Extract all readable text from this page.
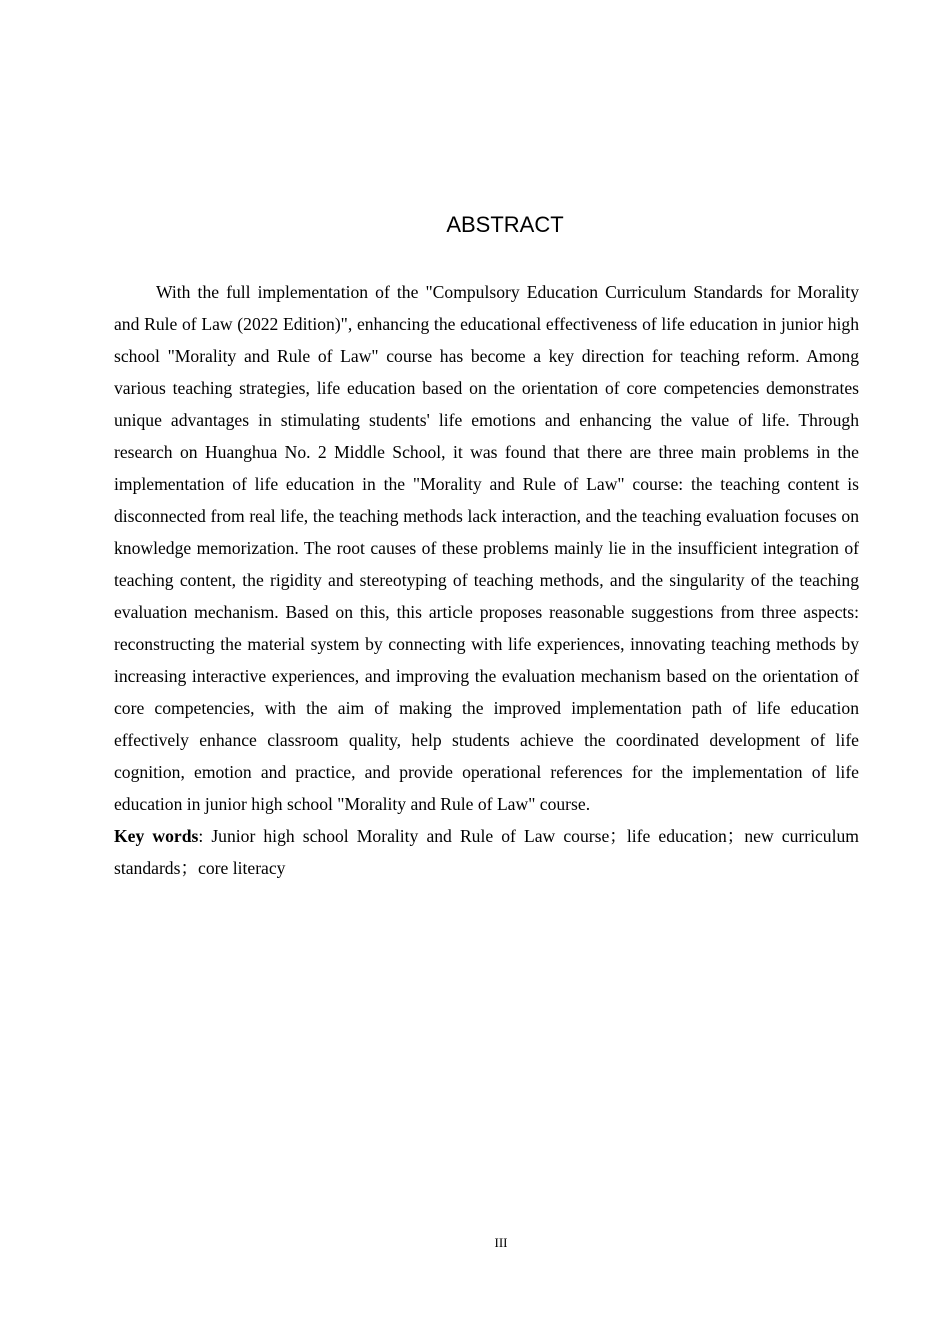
ABSTRACT

With the full implementation of the "Compulsory Education Curriculum Standards for Morality and Rule of Law (2022 Edition)", enhancing the educational effectiveness of life education in junior high school "Morality and Rule of Law" course has become a key direction for teaching reform. Among various teaching strategies, life education based on the orientation of core competencies demonstrates unique advantages in stimulating students' life emotions and enhancing the value of life. Through research on Huanghua No. 2 Middle School, it was found that there are three main problems in the implementation of life education in the "Morality and Rule of Law" course: the teaching content is disconnected from real life, the teaching methods lack interaction, and the teaching evaluation focuses on knowledge memorization. The root causes of these problems mainly lie in the insufficient integration of teaching content, the rigidity and stereotyping of teaching methods, and the singularity of the teaching evaluation mechanism. Based on this, this article proposes reasonable suggestions from three aspects: reconstructing the material system by connecting with life experiences, innovating teaching methods by increasing interactive experiences, and improving the evaluation mechanism based on the orientation of core competencies, with the aim of making the improved implementation path of life education effectively enhance classroom quality, help students achieve the coordinated development of life cognition, emotion and practice, and provide operational references for the implementation of life education in junior high school "Morality and Rule of Law" course.

Key words: Junior high school Morality and Rule of Law course；life education；new curriculum standards；core literacy

III
